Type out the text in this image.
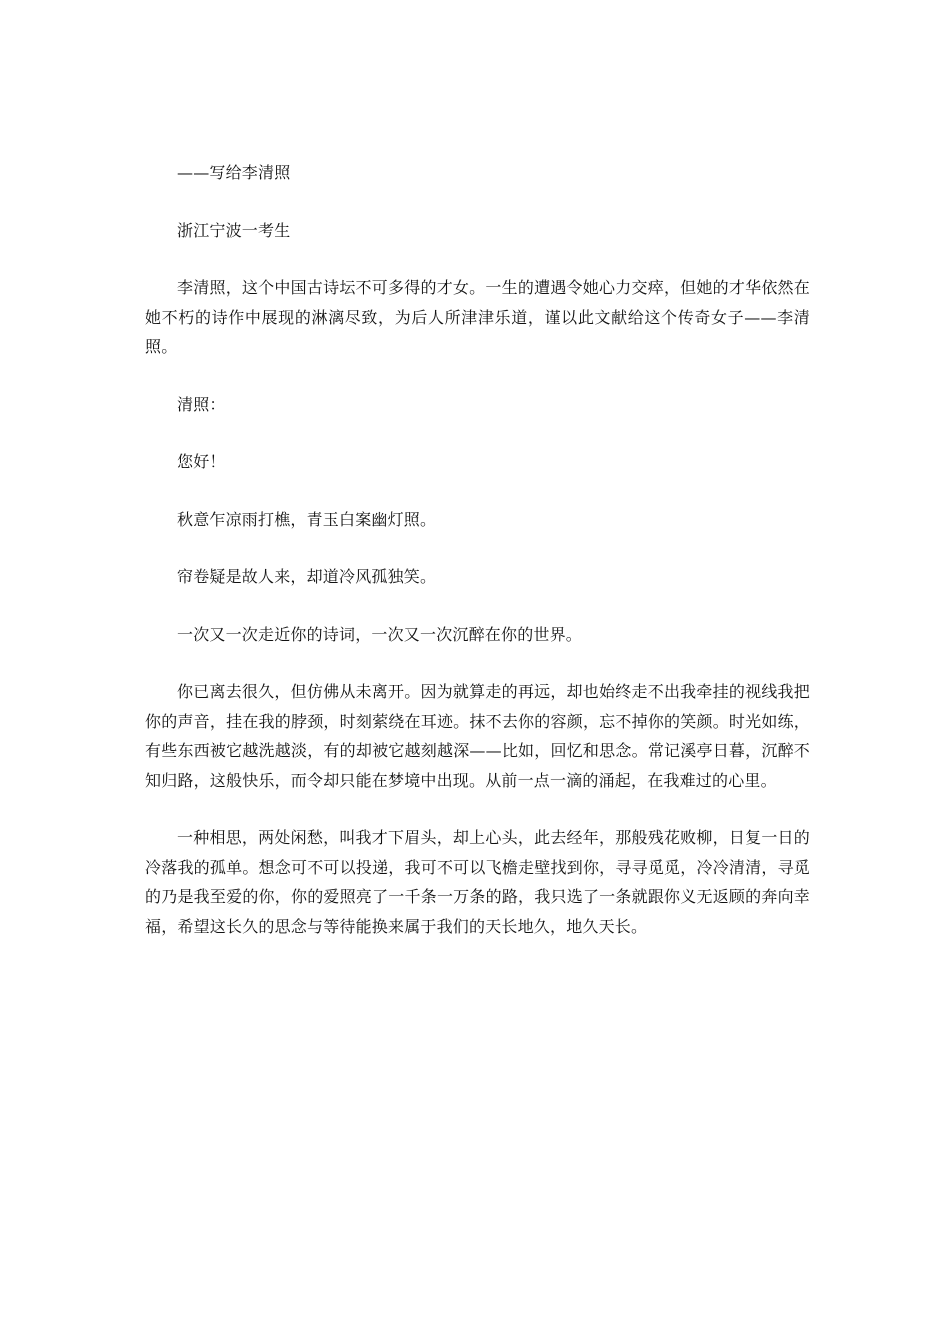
——写给李清照

浙江宁波一考生

李清照，这个中国古诗坛不可多得的才女。一生的遭遇令她心力交瘁，但她的才华依然在她不朽的诗作中展现的淋漓尽致，为后人所津津乐道，谨以此文献给这个传奇女子——李清照。

清照：

您好！

秋意乍凉雨打樵，青玉白案幽灯照。

帘卷疑是故人来，却道冷风孤独笑。

一次又一次走近你的诗词，一次又一次沉醉在你的世界。

你已离去很久，但仿佛从未离开。因为就算走的再远，却也始终走不出我牵挂的视线我把你的声音，挂在我的脖颈，时刻萦绕在耳迹。抹不去你的容颜，忘不掉你的笑颜。时光如练，有些东西被它越洗越淡，有的却被它越刻越深——比如，回忆和思念。常记溪亭日暮，沉醉不知归路，这般快乐，而令却只能在梦境中出现。从前一点一滴的涌起，在我难过的心里。

一种相思，两处闲愁，叫我才下眉头，却上心头，此去经年，那般残花败柳，日复一日的冷落我的孤单。想念可不可以投递，我可不可以飞檐走壁找到你，寻寻觅觅，冷冷清清，寻觅的乃是我至爱的你，你的爱照亮了一千条一万条的路，我只选了一条就跟你义无返顾的奔向幸福，希望这长久的思念与等待能换来属于我们的天长地久，地久天长。
